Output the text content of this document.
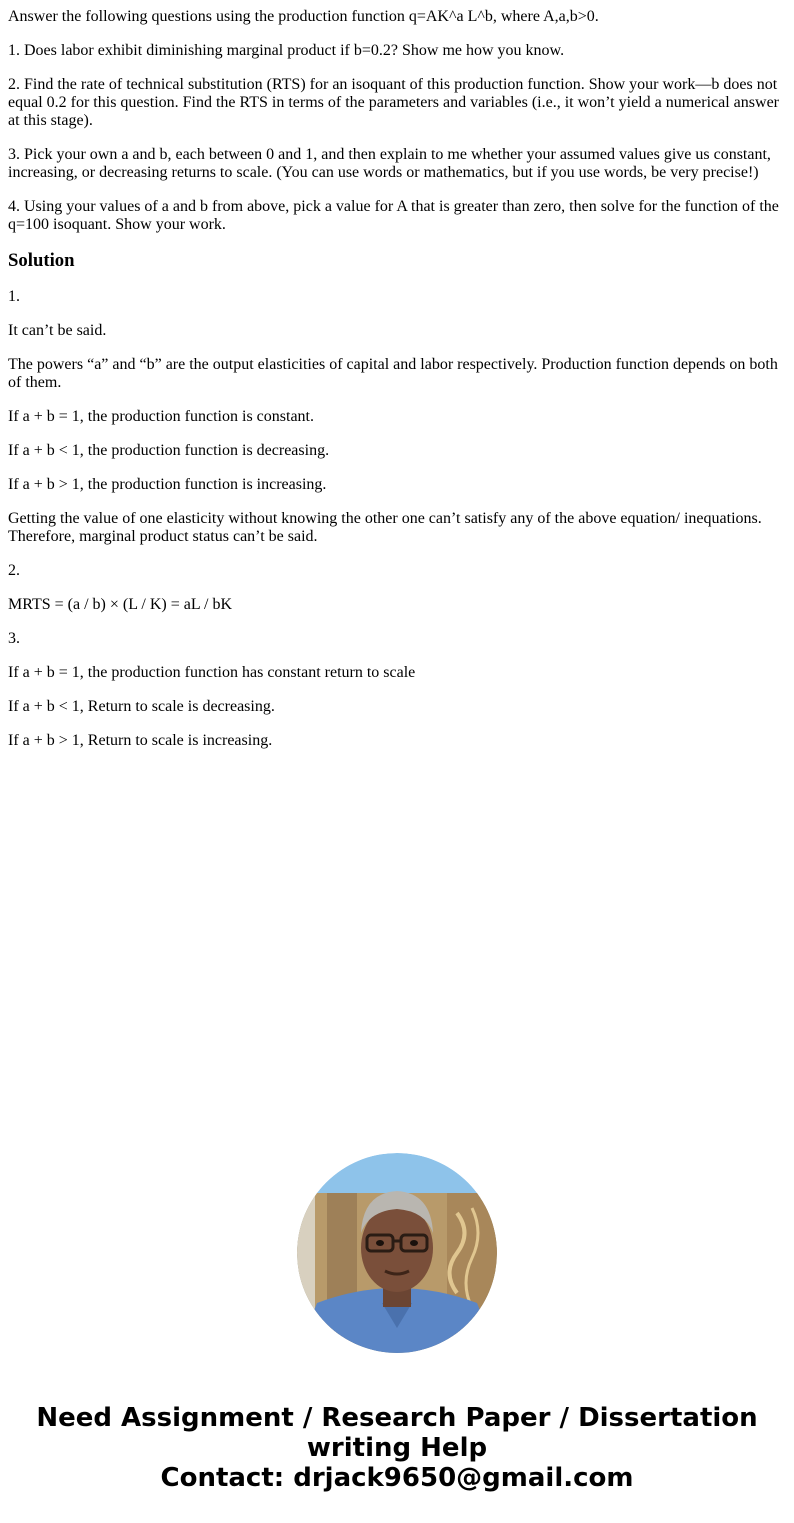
Answer the following questions using the production function q=AK^a L^b, where A,a,b>0.

1. Does labor exhibit diminishing marginal product if b=0.2? Show me how you know.

2. Find the rate of technical substitution (RTS) for an isoquant of this production function. Show your work—b does not equal 0.2 for this question. Find the RTS in terms of the parameters and variables (i.e., it won’t yield a numerical answer at this stage).

3. Pick your own a and b, each between 0 and 1, and then explain to me whether your assumed values give us constant, increasing, or decreasing returns to scale. (You can use words or mathematics, but if you use words, be very precise!)

4. Using your values of a and b from above, pick a value for A that is greater than zero, then solve for the function of the q=100 isoquant. Show your work.

Solution

1.

It can’t be said.

The powers “a” and “b” are the output elasticities of capital and labor respectively. Production function depends on both of them.

If a + b = 1, the production function is constant.

If a + b < 1, the production function is decreasing.

If a + b > 1, the production function is increasing.

Getting the value of one elasticity without knowing the other one can’t satisfy any of the above equation/ inequations. Therefore, marginal product status can’t be said.

2.

MRTS = (a / b) × (L / K) = aL / bK

3.

If a + b = 1, the production function has constant return to scale

If a + b < 1, Return to scale is decreasing.

If a + b > 1, Return to scale is increasing.

Need Assignment / Research Paper / Dissertation
writing Help
Contact: drjack9650@gmail.com
